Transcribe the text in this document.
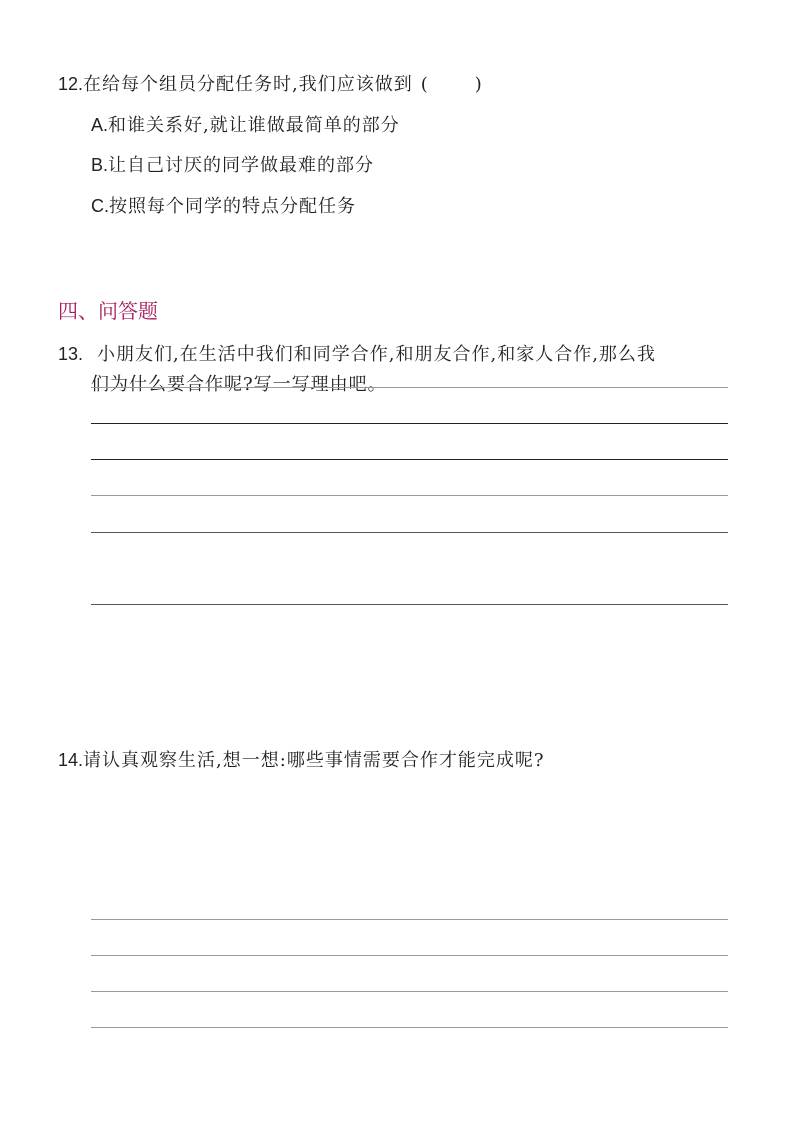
12.在给每个组员分配任务时,我们应该做到 (	)
A.和谁关系好,就让谁做最简单的部分
B.让自己讨厌的同学做最难的部分
C.按照每个同学的特点分配任务
四、问答题
13. 小朋友们,在生活中我们和同学合作,和朋友合作,和家人合作,那么我
们为什么要合作呢?写一写理由吧。
14.请认真观察生活,想一想:哪些事情需要合作才能完成呢?
